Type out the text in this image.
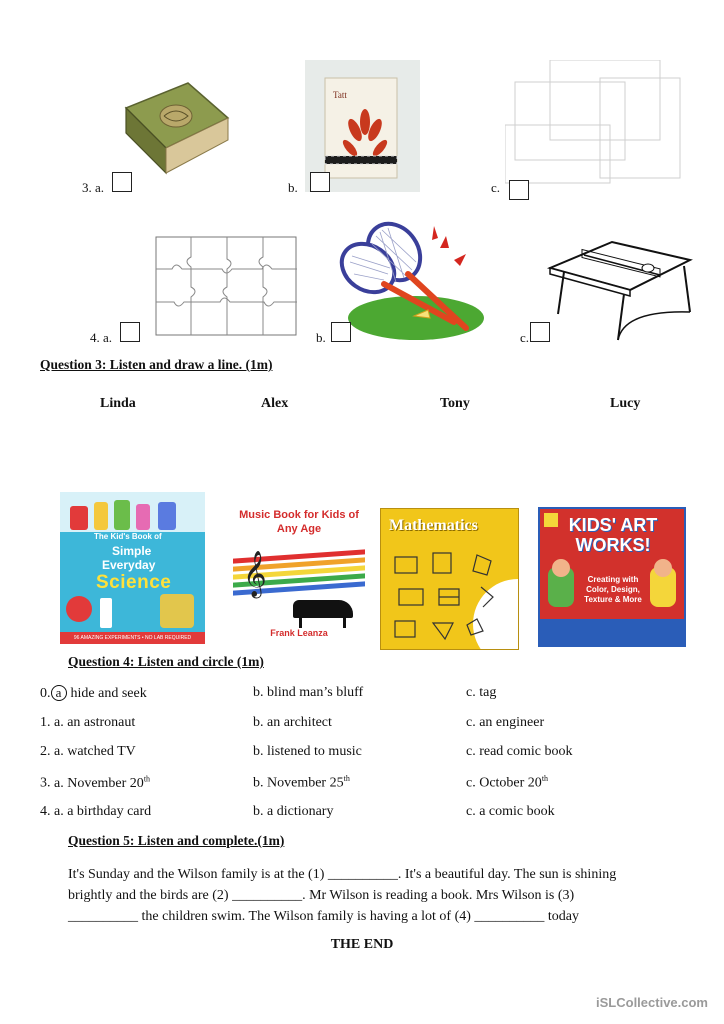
3. a.
Tatt
b.	c.
4. a.	b.	c.
Question 3: Listen and draw a line. (1m)
Linda	Alex	Tony	Lucy
The Kid's Book of
Simple
Everyday
Science
96 AMAZING EXPERIMENTS • NO LAB REQUIRED
Music Book for Kids of Any Age
𝄞
Frank Leanza
Mathematics	KIDS' ART WORKS!
Creating with Color, Design, Texture & More
Question 4: Listen and circle (1m)
0. a hide and seek	b. blind man’s bluff	c. tag
1. a. an astronaut	b. an architect	c. an engineer
2. a. watched TV	b. listened to music	c. read comic book
3. a. November 20th	b. November 25th	c. October 20th
4. a. a birthday card	b. a dictionary	c. a comic book
Question 5: Listen and complete.(1m)
It's Sunday and the Wilson family is at the (1) __________. It's a beautiful day. The sun is shining
brightly and the birds are (2) __________. Mr Wilson is reading a book. Mrs Wilson is (3)
__________ the children swim. The Wilson family is having a lot of (4) __________ today
THE END
iSLCollective.com
